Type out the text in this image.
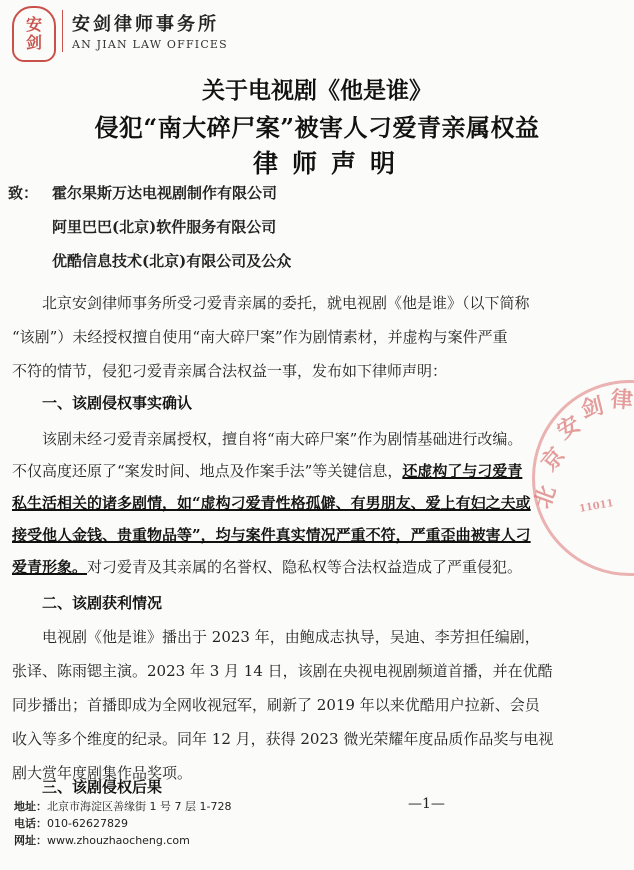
安
剑
安剑律师事务所
AN JIAN LAW OFFICES
关于电视剧《他是谁》
侵犯“南大碎尸案”被害人刁爱青亲属权益
律师声明
致： 霍尔果斯万达电视剧制作有限公司
阿里巴巴(北京)软件服务有限公司
优酷信息技术(北京)有限公司及公众
北京安剑律师事务所受刁爱青亲属的委托，就电视剧《他是谁》（以下简称
“该剧”）未经授权擅自使用“南大碎尸案”作为剧情素材，并虚构与案件严重
不符的情节，侵犯刁爱青亲属合法权益一事，发布如下律师声明：
一、该剧侵权事实确认
该剧未经刁爱青亲属授权，擅自将“南大碎尸案”作为剧情基础进行改编。
不仅高度还原了“案发时间、地点及作案手法”等关键信息，还虚构了与刁爱青
私生活相关的诸多剧情，如“虚构刁爱青性格孤僻、有男朋友、爱上有妇之夫或
接受他人金钱、贵重物品等”，均与案件真实情况严重不符，严重歪曲被害人刁
爱青形象。对刁爱青及其亲属的名誉权、隐私权等合法权益造成了严重侵犯。
二、该剧获利情况
电视剧《他是谁》播出于 2023 年，由鲍成志执导，吴迪、李芳担任编剧，
张译、陈雨锶主演。2023 年 3 月 14 日，该剧在央视电视剧频道首播，并在优酷
同步播出；首播即成为全网收视冠军，刷新了 2019 年以来优酷用户拉新、会员
收入等多个维度的纪录。同年 12 月，获得 2023 微光荣耀年度品质作品奖与电视
剧大赏年度剧集作品奖项。
三、该剧侵权后果
北
京
安
剑 律
11011
地址：北京市海淀区善缘街 1 号 7 层 1-728
电话：010-62627829
网址：www.zhouzhaocheng.com
—1—
